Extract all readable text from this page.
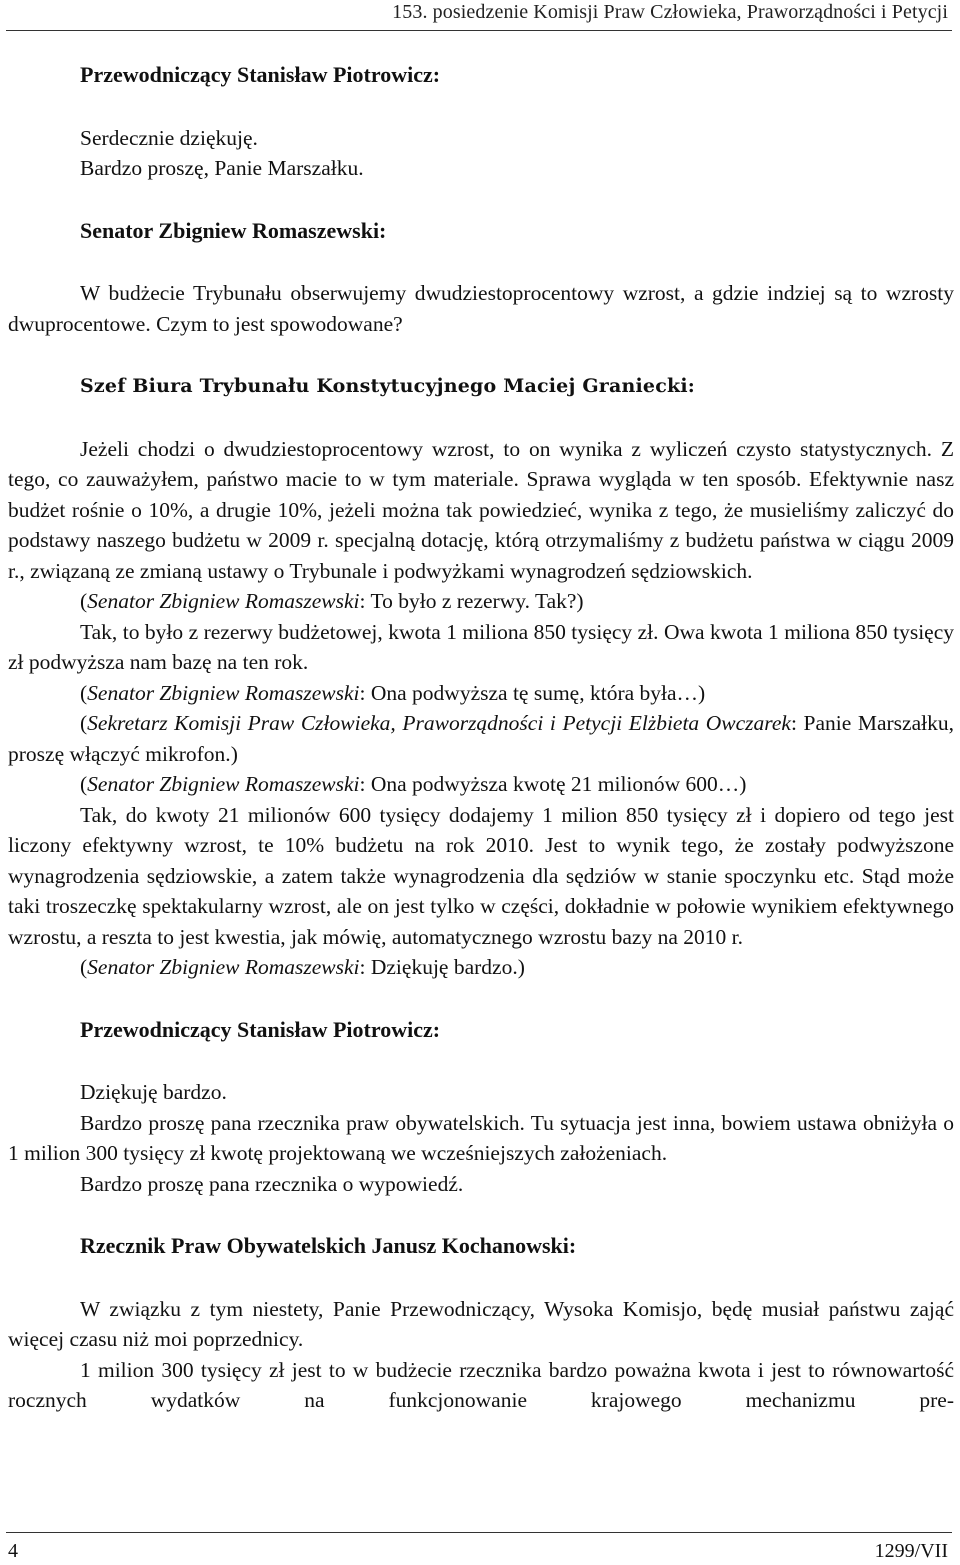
153. posiedzenie Komisji Praw Człowieka, Praworządności i Petycji
Przewodniczący Stanisław Piotrowicz:

Serdecznie dziękuję.

Bardzo proszę, Panie Marszałku.

Senator Zbigniew Romaszewski:

W budżecie Trybunału obserwujemy dwudziestoprocentowy wzrost, a gdzie indziej są to wzrosty dwuprocentowe. Czym to jest spowodowane?

Szef Biura Trybunału Konstytucyjnego Maciej Graniecki:

Jeżeli chodzi o dwudziestoprocentowy wzrost, to on wynika z wyliczeń czysto statystycznych. Z tego, co zauważyłem, państwo macie to w tym materiale. Sprawa wygląda w ten sposób. Efektywnie nasz budżet rośnie o 10%, a drugie 10%, jeżeli można tak powiedzieć, wynika z tego, że musieliśmy zaliczyć do podstawy naszego budżetu w 2009 r. specjalną dotację, którą otrzymaliśmy z budżetu państwa w ciągu 2009 r., związaną ze zmianą ustawy o Trybunale i podwyżkami wynagrodzeń sędziowskich.

(Senator Zbigniew Romaszewski: To było z rezerwy. Tak?)

Tak, to było z rezerwy budżetowej, kwota 1 miliona 850 tysięcy zł. Owa kwota 1 miliona 850 tysięcy zł podwyższa nam bazę na ten rok.

(Senator Zbigniew Romaszewski: Ona podwyższa tę sumę, która była…)

(Sekretarz Komisji Praw Człowieka, Praworządności i Petycji Elżbieta Owczarek: Panie Marszałku, proszę włączyć mikrofon.)

(Senator Zbigniew Romaszewski: Ona podwyższa kwotę 21 milionów 600…)

Tak, do kwoty 21 milionów 600 tysięcy dodajemy 1 milion 850 tysięcy zł i dopiero od tego jest liczony efektywny wzrost, te 10% budżetu na rok 2010. Jest to wynik tego, że zostały podwyższone wynagrodzenia sędziowskie, a zatem także wynagrodzenia dla sędziów w stanie spoczynku etc. Stąd może taki troszeczkę spektakularny wzrost, ale on jest tylko w części, dokładnie w połowie wynikiem efektywnego wzrostu, a reszta to jest kwestia, jak mówię, automatycznego wzrostu bazy na 2010 r.

(Senator Zbigniew Romaszewski: Dziękuję bardzo.)

Przewodniczący Stanisław Piotrowicz:

Dziękuję bardzo.

Bardzo proszę pana rzecznika praw obywatelskich. Tu sytuacja jest inna, bowiem ustawa obniżyła o 1 milion 300 tysięcy zł kwotę projektowaną we wcześniejszych założeniach.

Bardzo proszę pana rzecznika o wypowiedź.

Rzecznik Praw Obywatelskich Janusz Kochanowski:

W związku z tym niestety, Panie Przewodniczący, Wysoka Komisjo, będę musiał państwu zająć więcej czasu niż moi poprzednicy.

1 milion 300 tysięcy zł jest to w budżecie rzecznika bardzo poważna kwota i jest to równowartość rocznych wydatków na funkcjonowanie krajowego mechanizmu pre-

4	1299/VII
